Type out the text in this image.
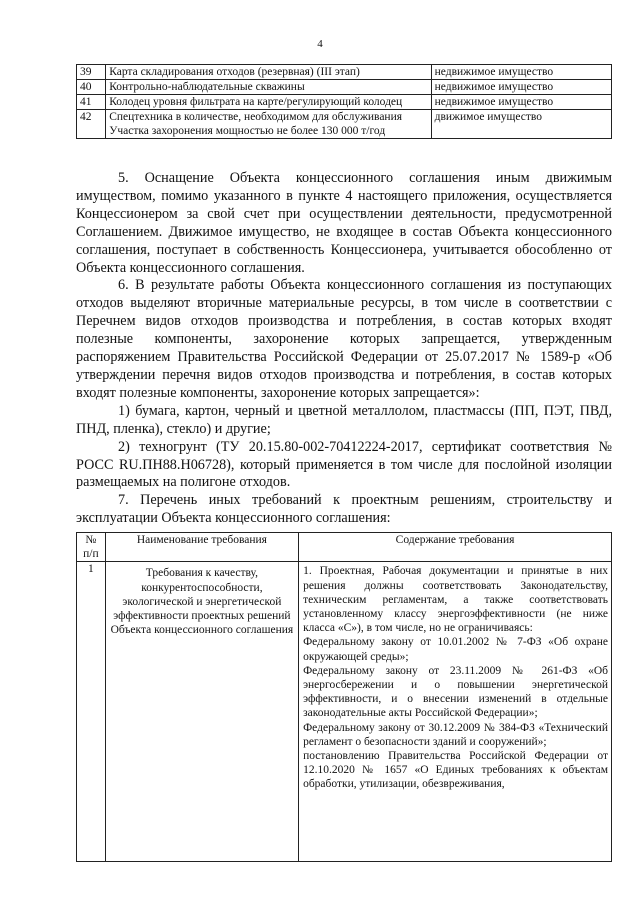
4
39	Карта складирования отходов (резервная) (III этап)	недвижимое имущество
40	Контрольно-наблюдательные скважины	недвижимое имущество
41	Колодец уровня фильтрата на карте/регулирующий колодец	недвижимое имущество
42	Спецтехника в количестве, необходимом для обслуживания Участка захоронения мощностью не более 130 000 т/год	движимое имущество

5. Оснащение Объекта концессионного соглашения иным движимым имуществом, помимо указанного в пункте 4 настоящего приложения, осуществляется Концессионером за свой счет при осуществлении деятельности, предусмотренной Соглашением. Движимое имущество, не входящее в состав Объекта концессионного соглашения, поступает в собственность Концессионера, учитывается обособленно от Объекта концессионного соглашения.

6. В результате работы Объекта концессионного соглашения из поступающих отходов выделяют вторичные материальные ресурсы, в том числе в соответствии с Перечнем видов отходов производства и потребления, в состав которых входят полезные компоненты, захоронение которых запрещается, утвержденным распоряжением Правительства Российской Федерации от 25.07.2017 № 1589-р «Об утверждении перечня видов отходов производства и потребления, в состав которых входят полезные компоненты, захоронение которых запрещается»:

1) бумага, картон, черный и цветной металлолом, пластмассы (ПП, ПЭТ, ПВД, ПНД, пленка), стекло) и другие;

2) техногрунт (ТУ 20.15.80-002-70412224-2017, сертификат соответствия № РОСС RU.ПН88.Н06728), который применяется в том числе для послойной изоляции размещаемых на полигоне отходов.

7. Перечень иных требований к проектным решениям, строительству и эксплуатации Объекта концессионного соглашения:

№ п/п	Наименование требования	Содержание требования
1	Требования к качеству, конкурентоспособности, экологической и энергетической эффективности проектных решений Объекта концессионного соглашения	1. Проектная, Рабочая документации и принятые в них решения должны соответствовать Законодательству, техническим регламентам, а также соответствовать установленному классу энергоэффективности (не ниже класса «С»), в том числе, но не ограничиваясь:

Федеральному закону от 10.01.2002 № 7-ФЗ «Об охране окружающей среды»;

Федеральному закону от 23.11.2009 № 261-ФЗ «Об энергосбережении и о повышении энергетической эффективности, и о внесении изменений в отдельные законодательные акты Российской Федерации»;

Федеральному закону от 30.12.2009 № 384-ФЗ «Технический регламент о безопасности зданий и сооружений»;

постановлению Правительства Российской Федерации от 12.10.2020 № 1657 «О Единых требованиях к объектам обработки, утилизации, обезвреживания,
